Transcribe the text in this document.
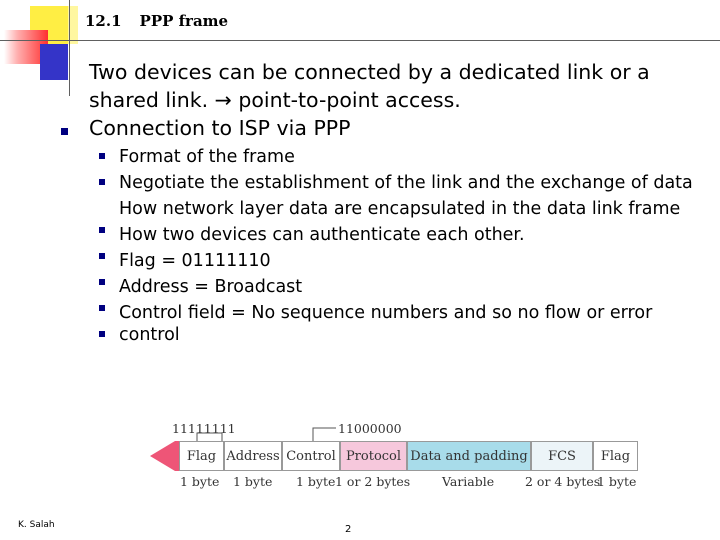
12.1 PPP frame

Two devices can be connected by a dedicated link or a shared link. → point-to-point access.

Connection to ISP via PPP

Format of the frame
Negotiate the establishment of the link and the exchange of data
How network layer data are encapsulated in the data link frame
How two devices can authenticate each other.
Flag = 01111110
Address = Broadcast
Control field = No sequence numbers and so no flow or error control
11111111	11000000
Flag Address Control Protocol Data and padding	FCS	Flag
1 byte 1 byte 1 byte 1 or 2 bytes	Variable 2 or 4 bytes
1 byte
K. Salah	2
